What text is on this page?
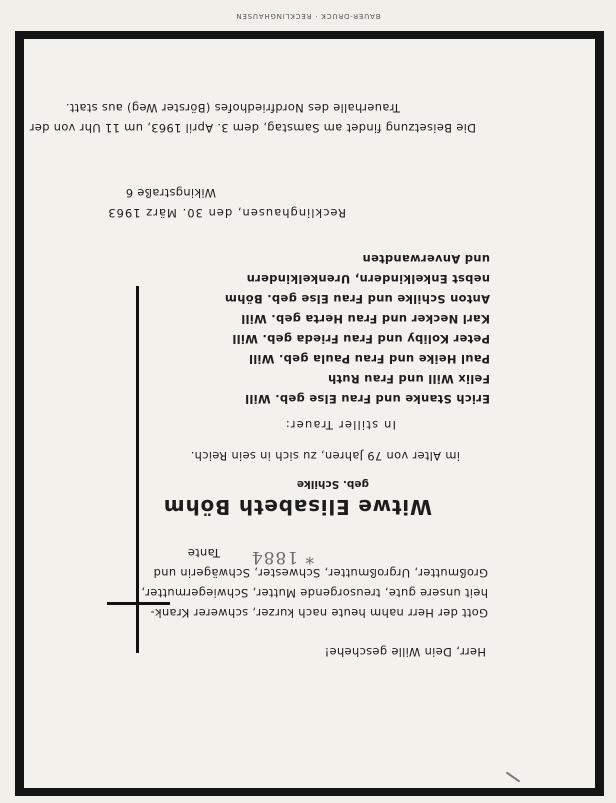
BAUER-DRUCK · RECKLINGHAUSEN
Herr, Dein Wille geschehe!
Gott der Herr nahm heute nach kurzer, schwerer Krank-
heit unsere gute, treusorgende Mutter, Schwiegermutter,
Großmutter, Urgroßmutter, Schwester, Schwägerin und
Tante * 1884
Witwe Elisabeth Böhm
geb. Schilke
im Alter von 79 Jahren, zu sich in sein Reich.
In stiller Trauer:
Erich Stanke und Frau Else geb. Will
Felix Will und Frau Ruth
Paul Heike und Frau Paula geb. Will
Peter Koliby und Frau Frieda geb. Will
Karl Necker und Frau Herta geb. Will
Anton Schilke und Frau Else geb. Böhm
nebst Enkelkindern, Urenkelkindern
und Anverwandten
Recklinghausen, den 30. März 1963
Wikingstraße 6
Die Beisetzung findet am Samstag, dem 3. April 1963, um 11 Uhr von der
Trauerhalle des Nordfriedhofes (Börster Weg) aus statt.
